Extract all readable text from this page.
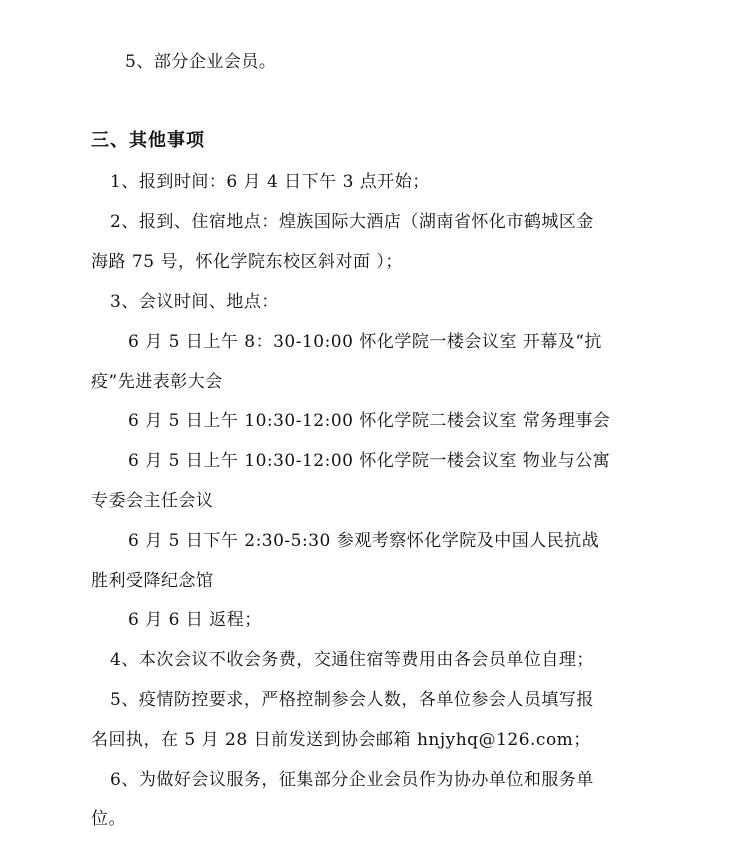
5、部分企业会员。
三、其他事项
1、报到时间：6 月 4 日下午 3 点开始；
2、报到、住宿地点：煌族国际大酒店（湖南省怀化市鹤城区金
海路 75 号，怀化学院东校区斜对面 ）；
3、会议时间、地点：
6 月 5 日上午 8：30-10:00 怀化学院一楼会议室 开幕及“抗
疫”先进表彰大会
6 月 5 日上午 10:30-12:00 怀化学院二楼会议室 常务理事会
6 月 5 日上午 10:30-12:00 怀化学院一楼会议室 物业与公寓
专委会主任会议
6 月 5 日下午 2:30-5:30 参观考察怀化学院及中国人民抗战
胜利受降纪念馆
6 月 6 日 返程；
4、本次会议不收会务费，交通住宿等费用由各会员单位自理；
5、疫情防控要求，严格控制参会人数，各单位参会人员填写报
名回执，在 5 月 28 日前发送到协会邮箱 hnjyhq@126.com；
6、为做好会议服务，征集部分企业会员作为协办单位和服务单
位。
